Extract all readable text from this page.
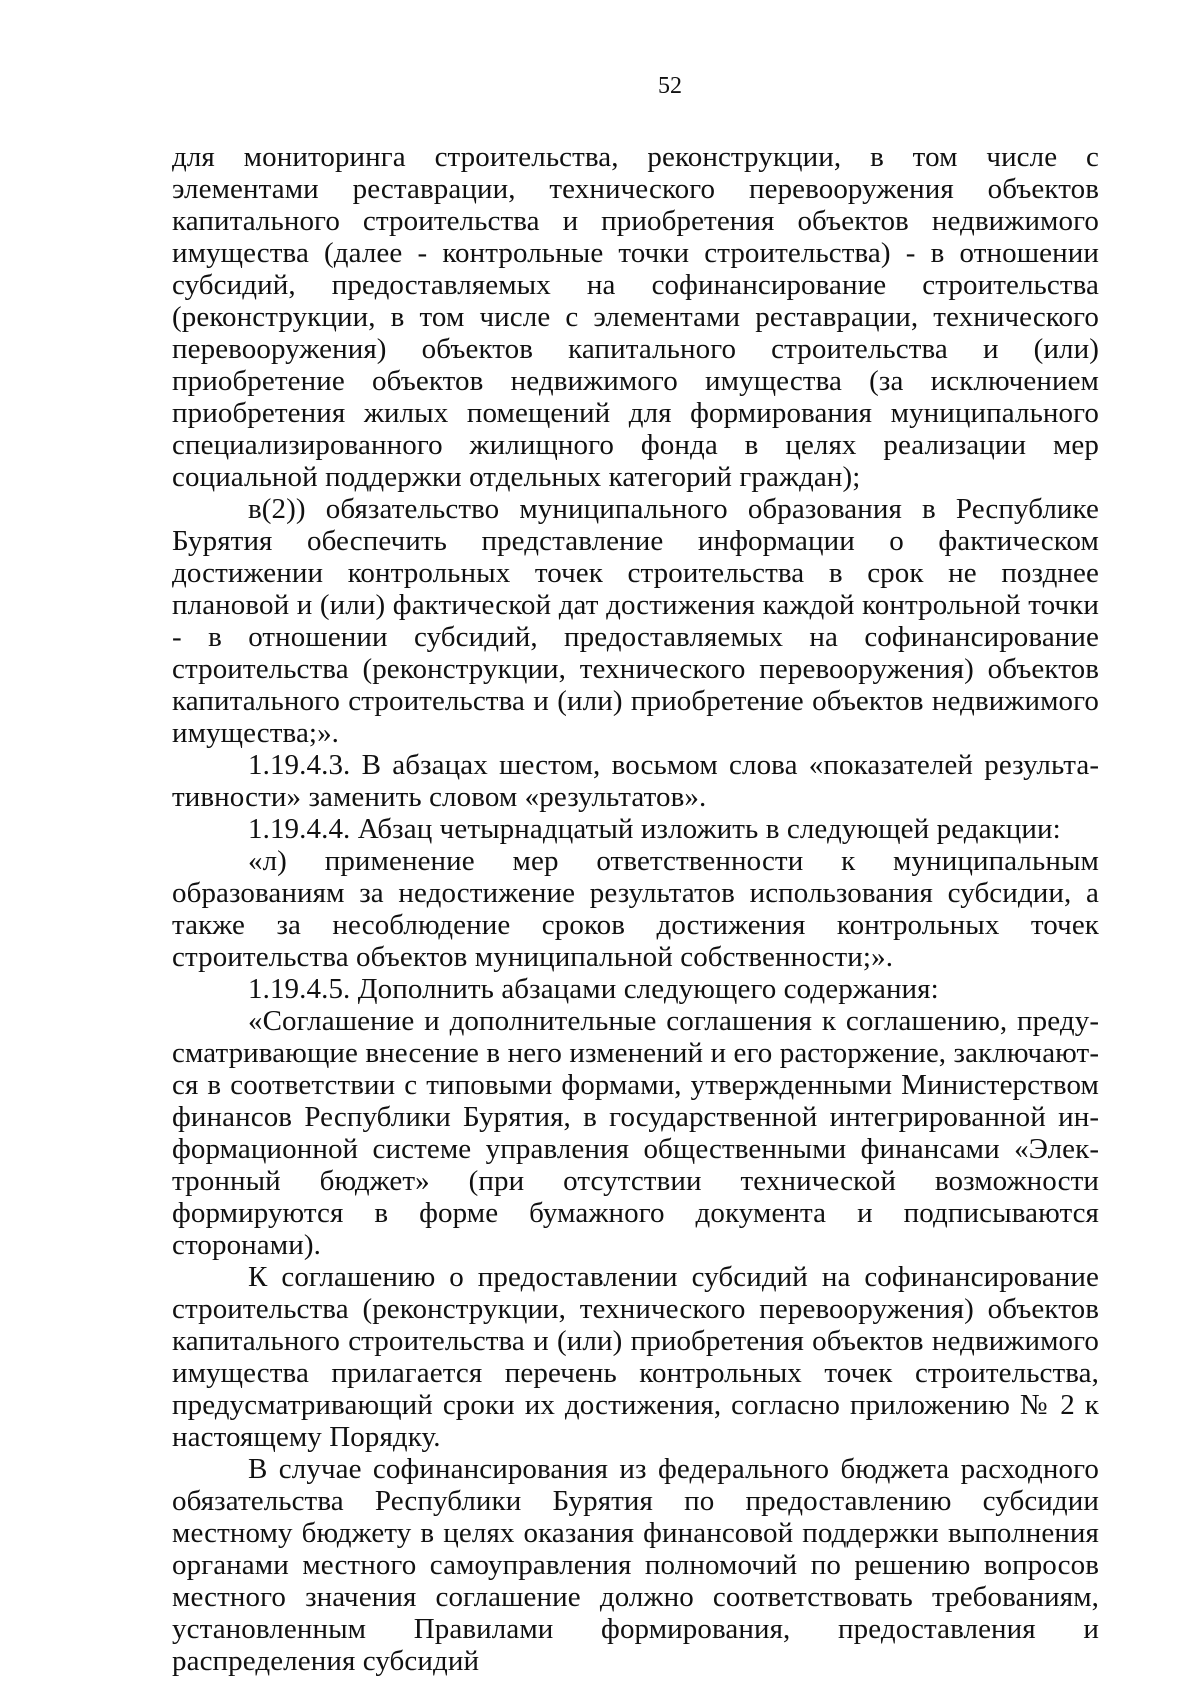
52

для мониторинга строительства, реконструкции, в том числе с элементами реставрации, технического перевооружения объектов капитального строительства и приобретения объектов недвижимого имущества (далее - контрольные точки строительства) - в отношении субсидий, предоставляемых на софинансирование строительства (реконструкции, в том числе с элементами реставрации, технического перевооружения) объектов капитального строительства и (или) приобретение объектов недвижимого имущества (за исключением приобретения жилых помещений для формирования муниципального специализированного жилищного фонда в целях реализации мер социальной поддержки отдельных категорий граждан);

в(2)) обязательство муниципального образования в Республике Бурятия обеспечить представление информации о фактическом достижении контрольных точек строительства в срок не позднее плановой и (или) фактической дат достижения каждой контрольной точки - в отношении субсидий, предоставляемых на софинансирование строительства (реконструкции, технического перевооружения) объектов капитального строительства и (или) приобретение объектов недвижимого имущества;».

1.19.4.3. В абзацах шестом, восьмом слова «показателей результативности» заменить словом «результатов».

1.19.4.4. Абзац четырнадцатый изложить в следующей редакции:

«л) применение мер ответственности к муниципальным образованиям за недостижение результатов использования субсидии, а также за несоблюдение сроков достижения контрольных точек строительства объектов муниципальной собственности;».

1.19.4.5. Дополнить абзацами следующего содержания:

«Соглашение и дополнительные соглашения к соглашению, предусматривающие внесение в него изменений и его расторжение, заключаются в соответствии с типовыми формами, утвержденными Министерством финансов Республики Бурятия, в государственной интегрированной информационной системе управления общественными финансами «Электронный бюджет» (при отсутствии технической возможности формируются в форме бумажного документа и подписываются сторонами).

К соглашению о предоставлении субсидий на софинансирование строительства (реконструкции, технического перевооружения) объектов капитального строительства и (или) приобретения объектов недвижимого имущества прилагается перечень контрольных точек строительства, предусматривающий сроки их достижения, согласно приложению № 2 к настоящему Порядку.

В случае софинансирования из федерального бюджета расходного обязательства Республики Бурятия по предоставлению субсидии местному бюджету в целях оказания финансовой поддержки выполнения органами местного самоуправления полномочий по решению вопросов местного значения соглашение должно соответствовать требованиям, установленным Правилами формирования, предоставления и распределения субсидий
